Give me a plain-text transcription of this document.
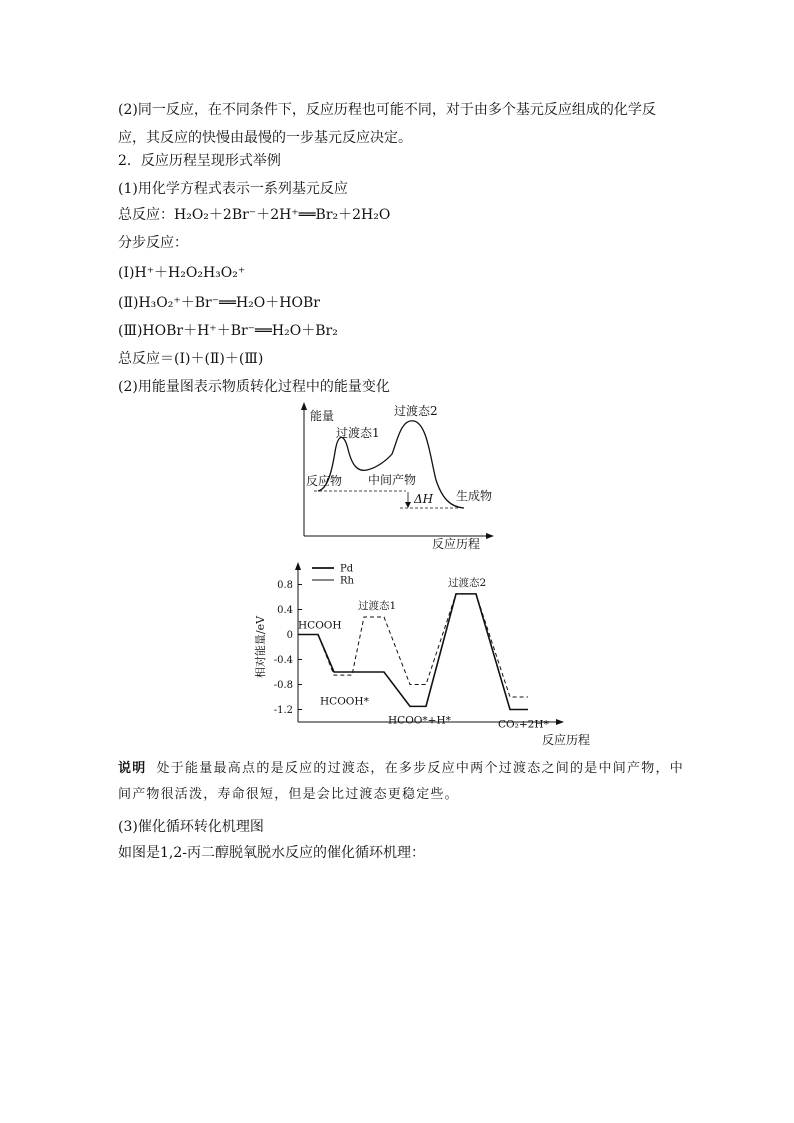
(2)同一反应，在不同条件下，反应历程也可能不同，对于由多个基元反应组成的化学反应，其反应的快慢由最慢的一步基元反应决定。
2．反应历程呈现形式举例
(1)用化学方程式表示一系列基元反应
总反应：H₂O₂＋2Br⁻＋2H⁺══Br₂＋2H₂O
分步反应：
(Ⅰ)H⁺＋H₂O₂H₃O₂⁺
(Ⅱ)H₃O₂⁺＋Br⁻══H₂O＋HOBr
(Ⅲ)HOBr＋H⁺＋Br⁻══H₂O＋Br₂
总反应＝(Ⅰ)＋(Ⅱ)＋(Ⅲ)
(2)用能量图表示物质转化过程中的能量变化
能量
过渡态1
过渡态2
反应物 中间产物
ΔH 生成物
反应历程
0.8
0.4
0
-0.4
-0.8
-1.2
相对能量/eV
反应历程
Pd
Rh
HCOOH
过渡态1
过渡态2
HCOOH*
HCOO*+H*	CO₂+2H*
说明 处于能量最高点的是反应的过渡态，在多步反应中两个过渡态之间的是中间产物，中间产物很活泼，寿命很短，但是会比过渡态更稳定些。
(3)催化循环转化机理图
如图是1,2-丙二醇脱氧脱水反应的催化循环机理：
